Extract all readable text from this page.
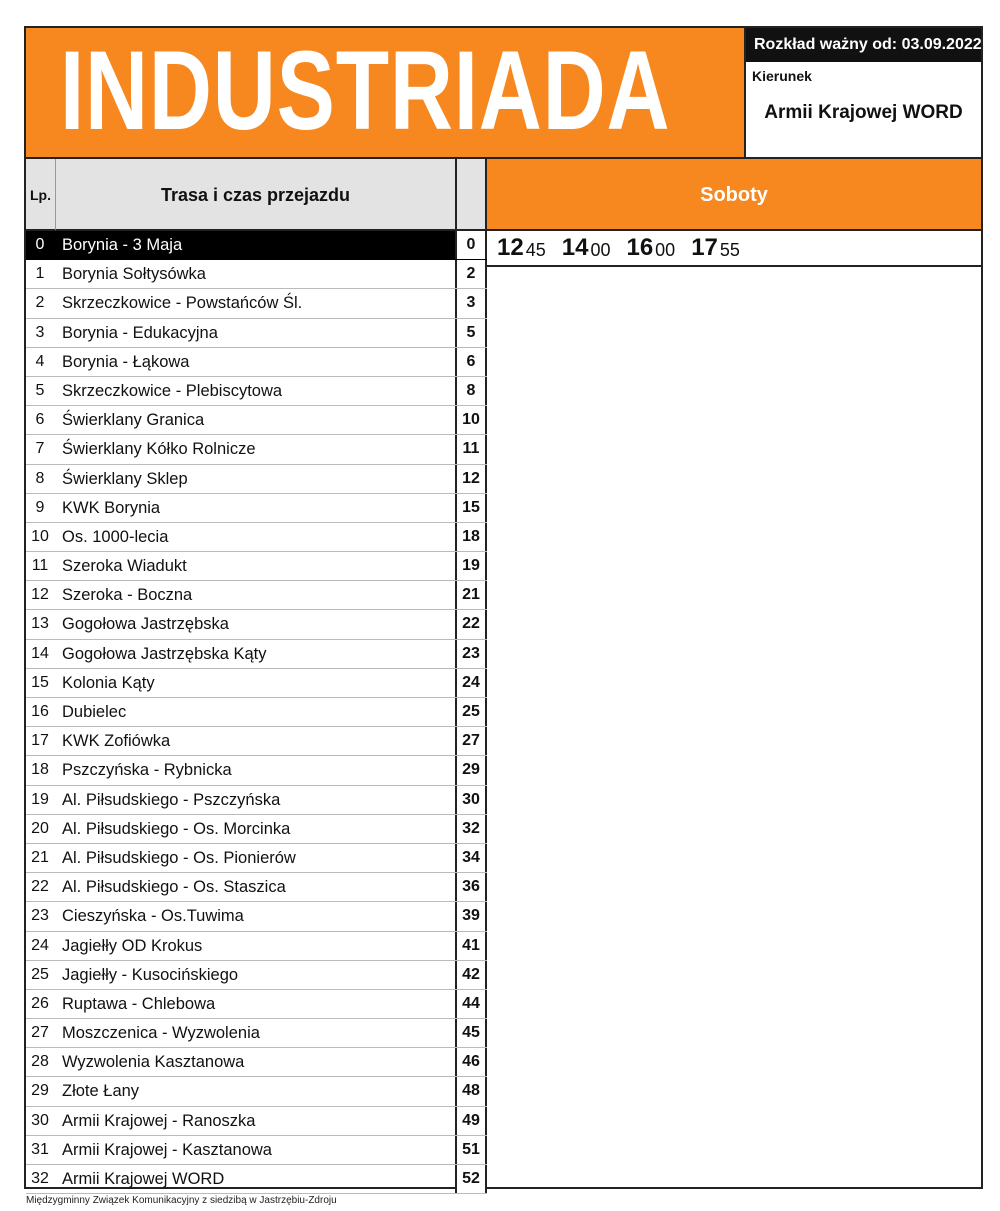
INDUSTRIADA	Rozkład ważny od: 03.09.2022 r.
Kierunek
Armii Krajowej WORD
Lp.	Trasa i czas przejazdu	Soboty
0	Borynia - 3 Maja	0
1	Borynia Sołtysówka	2
2	Skrzeczkowice - Powstańców Śl.	3
3	Borynia - Edukacyjna	5
4	Borynia - Łąkowa	6
5	Skrzeczkowice - Plebiscytowa	8
6	Świerklany Granica	10
7	Świerklany Kółko Rolnicze	11
8	Świerklany Sklep	12
9	KWK Borynia	15
10 Os. 1000-lecia	18
11 Szeroka Wiadukt	19
12 Szeroka - Boczna	21
13 Gogołowa Jastrzębska	22
14 Gogołowa Jastrzębska Kąty	23
15 Kolonia Kąty	24
16 Dubielec	25
17 KWK Zofiówka	27
18 Pszczyńska - Rybnicka	29
19 Al. Piłsudskiego - Pszczyńska	30
20 Al. Piłsudskiego - Os. Morcinka	32
21 Al. Piłsudskiego - Os. Pionierów	34
22 Al. Piłsudskiego - Os. Staszica	36
23 Cieszyńska - Os.Tuwima	39
24 Jagiełły OD Krokus	41
25 Jagiełły - Kusocińskiego	42
26 Ruptawa - Chlebowa	44
27 Moszczenica - Wyzwolenia	45
28 Wyzwolenia Kasztanowa	46
29 Złote Łany	48
30 Armii Krajowej - Ranoszka	49
31 Armii Krajowej - Kasztanowa	51
32 Armii Krajowej WORD	52
12 45 14 00 16 00 17 55
Międzygminny Związek Komunikacyjny z siedzibą w Jastrzębiu-Zdroju
